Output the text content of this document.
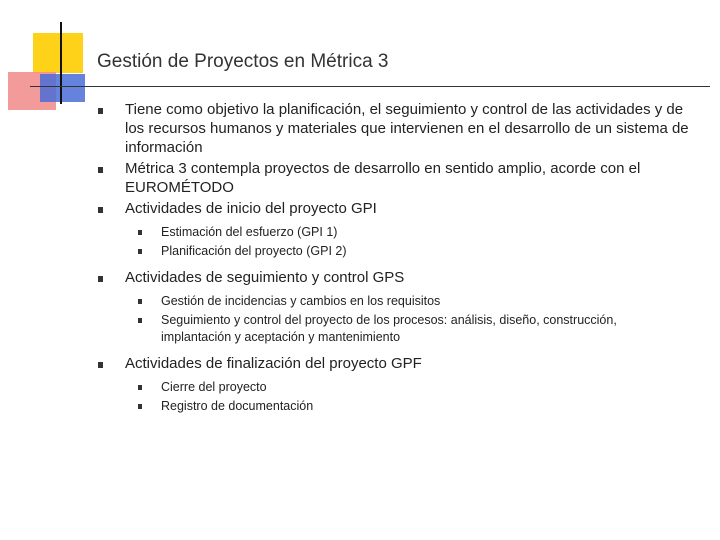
Gestión de Proyectos en Métrica 3
Tiene como objetivo la planificación, el seguimiento y control de las actividades y de los recursos humanos y materiales que intervienen en el desarrollo de un sistema de información
Métrica 3 contempla proyectos de desarrollo en sentido amplio, acorde con el EUROMÉTODO
Actividades de inicio del proyecto GPI
Estimación del esfuerzo (GPI 1)
Planificación del proyecto (GPI 2)
Actividades de seguimiento y control GPS
Gestión de incidencias y cambios en los requisitos
Seguimiento y control del proyecto de los procesos: análisis, diseño, construcción, implantación y aceptación y mantenimiento
Actividades de finalización del proyecto GPF
Cierre del proyecto
Registro de documentación
